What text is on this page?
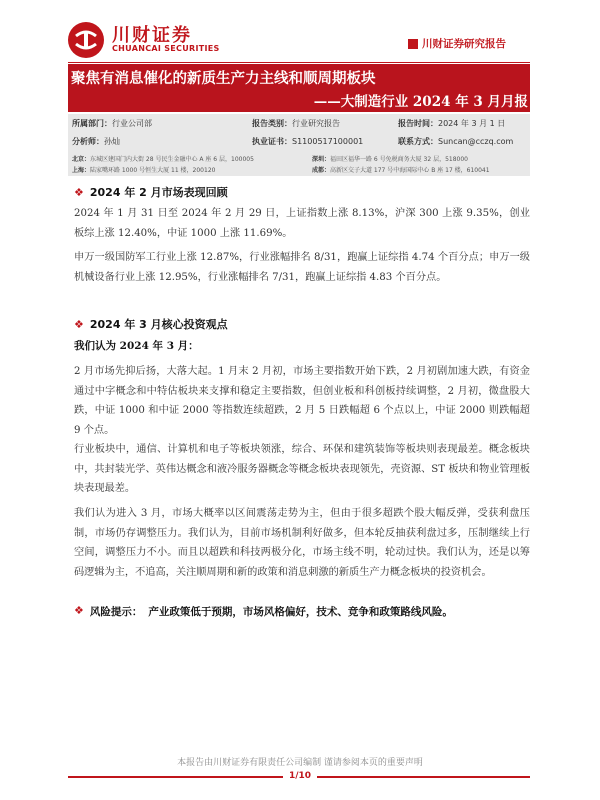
川财证券
CHUANCAI SECURITIES	川财证券研究报告
聚焦有消息催化的新质生产力主线和顺周期板块
——大制造行业 2024 年 3 月月报
所属部门：行业公司部	报告类别：行业研究报告	报告时间：2024 年 3 月 1 日
分析师：孙灿	执业证书：S1100517100001	联系方式：Suncan@cczq.com
北京：东城区建国门内大街 28 号民生金融中心 A 座 6 层，100005	深圳：福田区福华一路 6 号免税商务大厦 32 层，518000
上海：陆家嘴环路 1000 号恒生大厦 11 楼，200120	成都：高新区交子大道 177 号中海国际中心 B 座 17 楼，610041
❖ 2024 年 2 月市场表现回顾
2024 年 1 月 31 日至 2024 年 2 月 29 日，上证指数上涨 8.13%，沪深 300 上涨 9.35%，创业板综上涨 12.40%，中证 1000 上涨 11.69%。
申万一级国防军工行业上涨 12.87%，行业涨幅排名 8/31，跑赢上证综指 4.74 个百分点；申万一级机械设备行业上涨 12.95%，行业涨幅排名 7/31，跑赢上证综指 4.83 个百分点。
❖ 2024 年 3 月核心投资观点
我们认为 2024 年 3 月：
2 月市场先抑后扬，大落大起。1 月末 2 月初，市场主要指数开始下跌，2 月初剧加速大跌，有资金通过中字概念和中特估板块来支撑和稳定主要指数，但创业板和科创板持续调整，2 月初，微盘股大跌，中证 1000 和中证 2000 等指数连续超跌，2 月 5 日跌幅超 6 个点以上，中证 2000 则跌幅超 9 个点。
行业板块中，通信、计算机和电子等板块领涨，综合、环保和建筑装饰等板块则表现最差。概念板块中，共封装光学、英伟达概念和液冷服务器概念等概念板块表现领先，壳资源、ST 板块和物业管理板块表现最差。
我们认为进入 3 月，市场大概率以区间震荡走势为主，但由于很多超跌个股大幅反弹，受获利盘压制，市场仍存调整压力。我们认为，目前市场机制利好做多，但本轮反抽获利盘过多，压制继续上行空间，调整压力不小。而且以超跌和科技两极分化，市场主线不明，轮动过快。我们认为，还是以筹码逻辑为主，不追高，关注顺周期和新的政策和消息刺激的新质生产力概念板块的投资机会。
❖ 风险提示： 产业政策低于预期，市场风格偏好，技术、竞争和政策路线风险。
本报告由川财证券有限责任公司编制 谨请参阅本页的重要声明
1/10
